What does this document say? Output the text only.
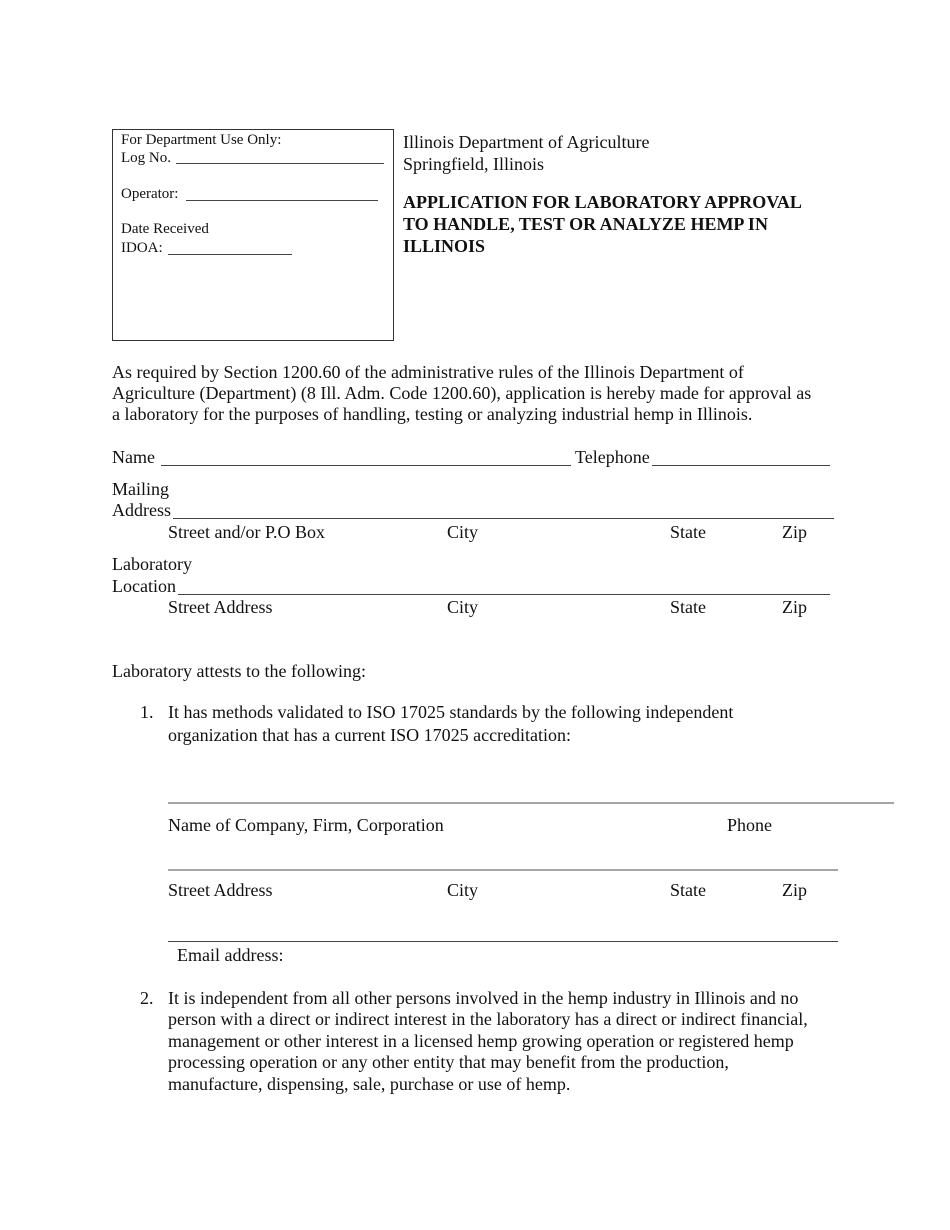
For Department Use Only:
Log No.
Operator:
Date Received
IDOA:
Illinois Department of Agriculture
Springfield, Illinois
APPLICATION FOR LABORATORY APPROVAL
TO HANDLE, TEST OR ANALYZE HEMP IN
ILLINOIS
As required by Section 1200.60 of the administrative rules of the Illinois Department of
Agriculture (Department) (8 Ill. Adm. Code 1200.60), application is hereby made for approval as
a laboratory for the purposes of handling, testing or analyzing industrial hemp in Illinois.
Name	Telephone
Mailing
Address
Street and/or P.O Box	City	State	Zip
Laboratory
Location
Street Address	City	State	Zip
Laboratory attests to the following:
1. It has methods validated to ISO 17025 standards by the following independent
organization that has a current ISO 17025 accreditation:
Name of Company, Firm, Corporation	Phone
Street Address	City	State	Zip
Email address:
2. It is independent from all other persons involved in the hemp industry in Illinois and no
person with a direct or indirect interest in the laboratory has a direct or indirect financial,
management or other interest in a licensed hemp growing operation or registered hemp
processing operation or any other entity that may benefit from the production,
manufacture, dispensing, sale, purchase or use of hemp.
